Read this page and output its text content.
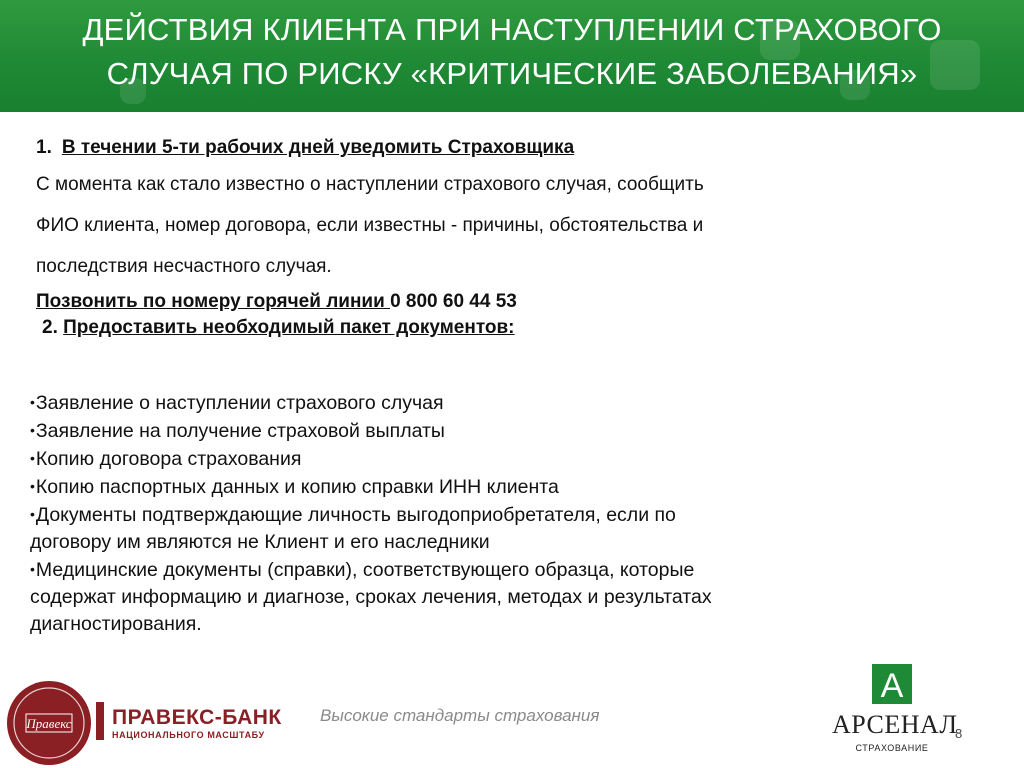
ДЕЙСТВИЯ КЛИЕНТА ПРИ НАСТУПЛЕНИИ СТРАХОВОГО
СЛУЧАЯ ПО РИСКУ «КРИТИЧЕСКИЕ ЗАБОЛЕВАНИЯ»
1. В течении 5-ти рабочих дней уведомить Страховщика
С момента как стало известно о наступлении страхового случая, сообщить
ФИО клиента, номер договора, если известны - причины, обстоятельства и
последствия несчастного случая.
Позвонить по номеру горячей линии 0 800 60 44 53
2. Предоставить необходимый пакет документов:
•Заявление о наступлении страхового случая
•Заявление на получение страховой выплаты
•Копию договора страхования
•Копию паспортных данных и копию справки ИНН клиента
•Документы подтверждающие личность выгодоприобретателя, если по
договору им являются не Клиент и его наследники
•Медицинские документы (справки), соответствующего образца, которые
содержат информацию и диагнозе, сроках лечения, методах и результатах
диагностирования.
Правекс ПРАВЕКС-БАНК
НАЦИОНАЛЬНОГО МАСШТАБУ
Высокие стандарты страхования
А
АРСЕНАЛ
СТРАХОВАНИЕ
8
